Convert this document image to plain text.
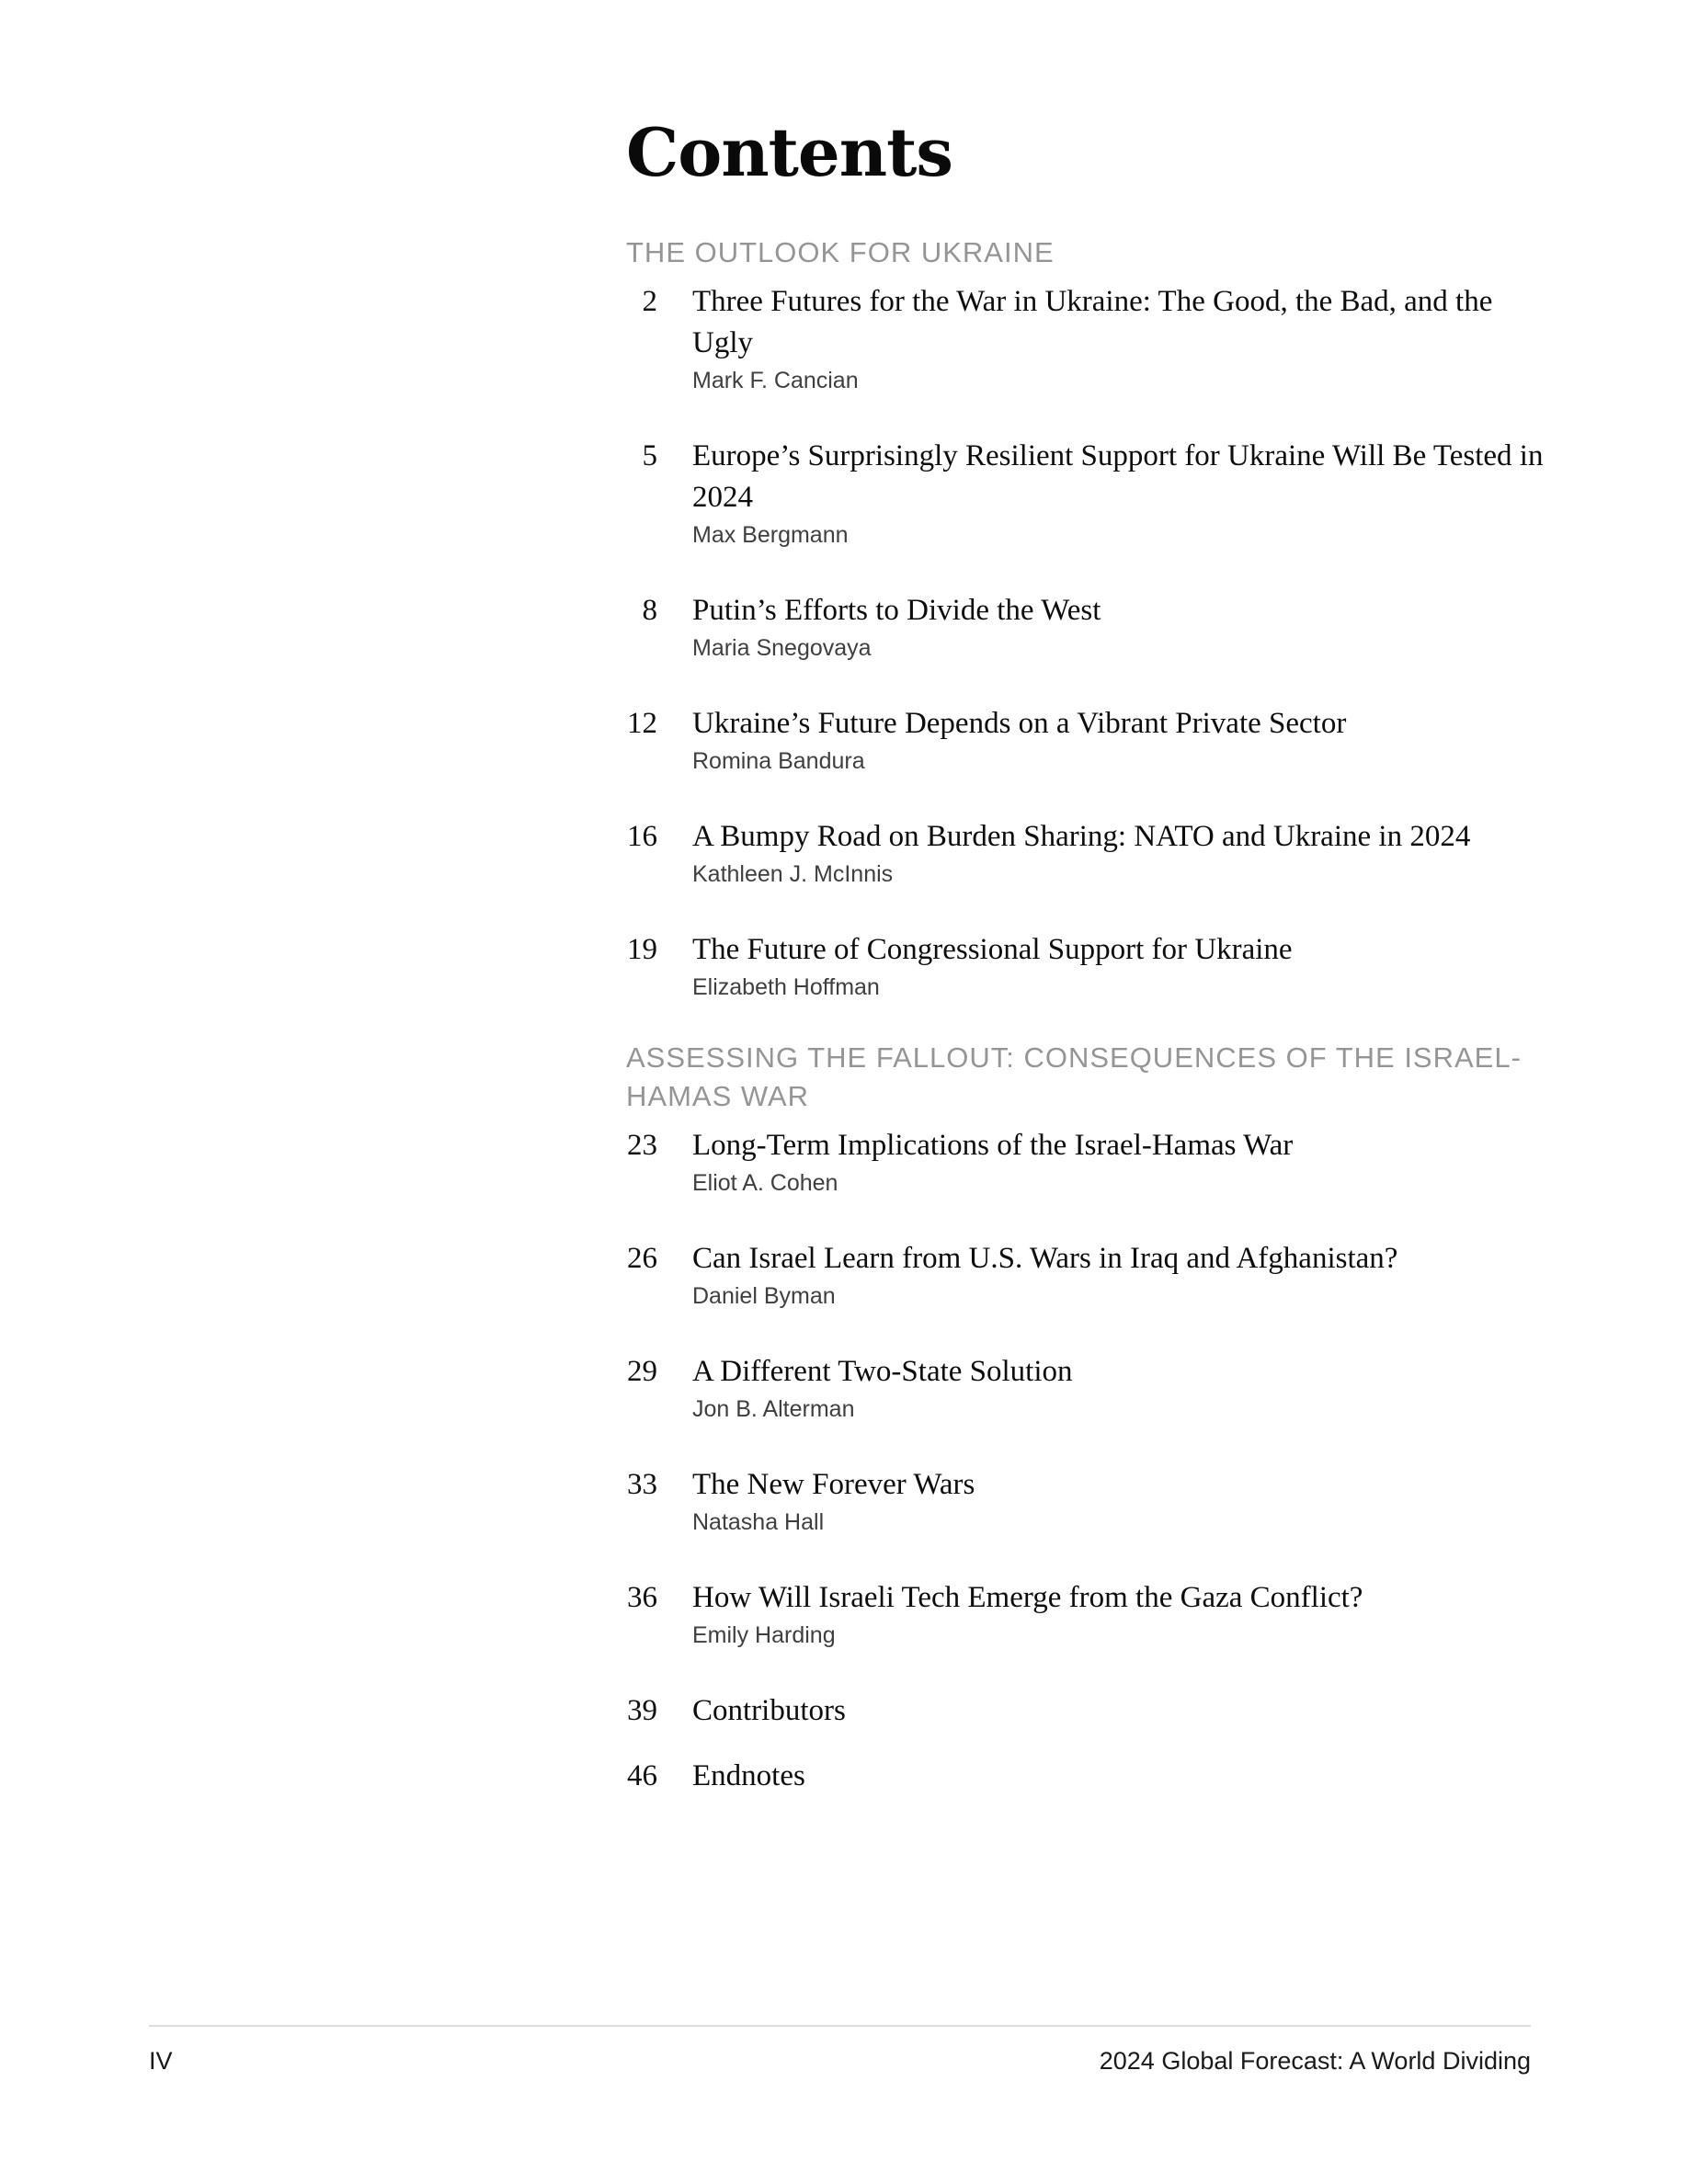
Contents
THE OUTLOOK FOR UKRAINE
2 Three Futures for the War in Ukraine: The Good, the Bad, and the Ugly
Mark F. Cancian
5 Europe’s Surprisingly Resilient Support for Ukraine Will Be Tested in 2024
Max Bergmann
8 Putin’s Efforts to Divide the West
Maria Snegovaya
12 Ukraine’s Future Depends on a Vibrant Private Sector
Romina Bandura
16 A Bumpy Road on Burden Sharing: NATO and Ukraine in 2024
Kathleen J. McInnis
19 The Future of Congressional Support for Ukraine
Elizabeth Hoffman
ASSESSING THE FALLOUT: CONSEQUENCES OF THE ISRAEL-HAMAS WAR
23 Long-Term Implications of the Israel-Hamas War
Eliot A. Cohen
26 Can Israel Learn from U.S. Wars in Iraq and Afghanistan?
Daniel Byman
29 A Different Two-State Solution
Jon B. Alterman
33 The New Forever Wars
Natasha Hall
36 How Will Israeli Tech Emerge from the Gaza Conflict?
Emily Harding
39 Contributors
46 Endnotes
IV	2024 Global Forecast: A World Dividing
